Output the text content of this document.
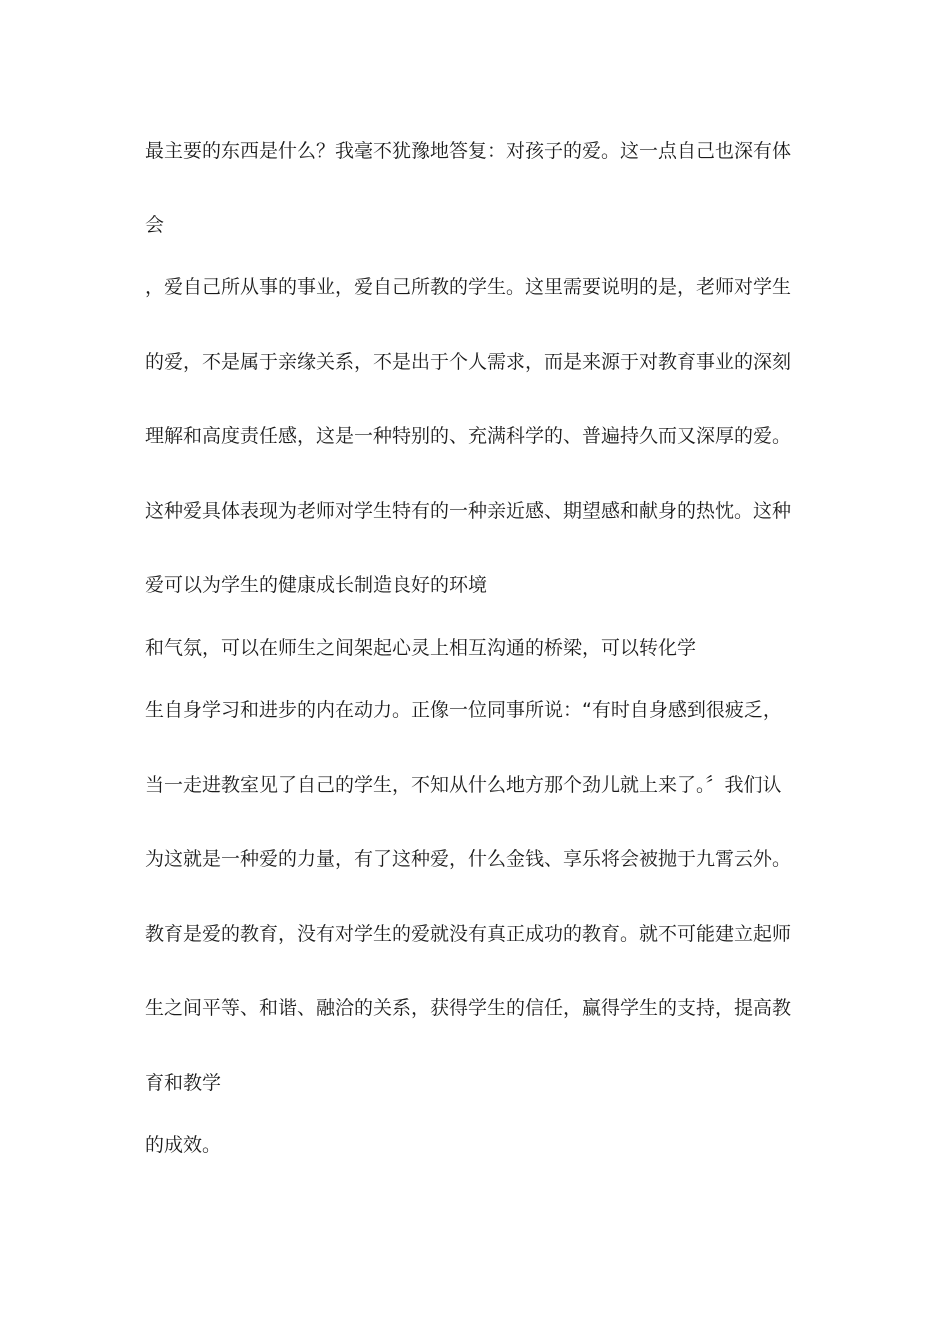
最主要的东西是什么？我毫不犹豫地答复：对孩子的爱。这一点自己也深有体

会

，爱自己所从事的事业，爱自己所教的学生。这里需要说明的是，老师对学生

的爱，不是属于亲缘关系，不是出于个人需求，而是来源于对教育事业的深刻

理解和高度责任感，这是一种特别的、充满科学的、普遍持久而又深厚的爱。

这种爱具体表现为老师对学生特有的一种亲近感、期望感和献身的热忱。这种

爱可以为学生的健康成长制造良好的环境

和气氛，可以在师生之间架起心灵上相互沟通的桥梁，可以转化学

生自身学习和进步的内在动力。正像一位同事所说：“有时自身感到很疲乏，

当一走进教室见了自己的学生，不知从什么地方那个劲儿就上来了。〞我们认

为这就是一种爱的力量，有了这种爱，什么金钱、享乐将会被抛于九霄云外。

教育是爱的教育，没有对学生的爱就没有真正成功的教育。就不可能建立起师

生之间平等、和谐、融洽的关系，获得学生的信任，赢得学生的支持，提高教

育和教学

的成效。
